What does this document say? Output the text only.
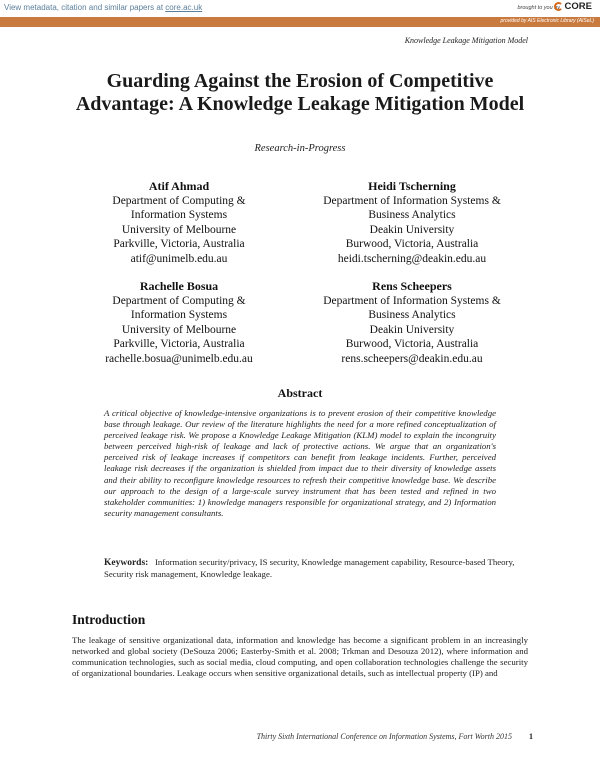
View metadata, citation and similar papers at core.ac.uk	brought to you by CORE
provided by AIS Electronic Library (AISeL)
Knowledge Leakage Mitigation Model
Guarding Against the Erosion of Competitive Advantage: A Knowledge Leakage Mitigation Model
Research-in-Progress
Atif Ahmad
Department of Computing &
Information Systems
University of Melbourne
Parkville, Victoria, Australia
atif@unimelb.edu.au
Heidi Tscherning
Department of Information Systems &
Business Analytics
Deakin University
Burwood, Victoria, Australia
heidi.tscherning@deakin.edu.au
Rachelle Bosua
Department of Computing &
Information Systems
University of Melbourne
Parkville, Victoria, Australia
rachelle.bosua@unimelb.edu.au
Rens Scheepers
Department of Information Systems &
Business Analytics
Deakin University
Burwood, Victoria, Australia
rens.scheepers@deakin.edu.au
Abstract

A critical objective of knowledge-intensive organizations is to prevent erosion of their competitive knowledge base through leakage. Our review of the literature highlights the need for a more refined conceptualization of perceived leakage risk. We propose a Knowledge Leakage Mitigation (KLM) model to explain the incongruity between perceived high-risk of leakage and lack of protective actions. We argue that an organization's perceived risk of leakage increases if competitors can benefit from leakage incidents. Further, perceived leakage risk decreases if the organization is shielded from impact due to their diversity of knowledge assets and their ability to reconfigure knowledge resources to refresh their competitive knowledge base. We describe our approach to the design of a large-scale survey instrument that has been tested and refined in two stakeholder communities: 1) knowledge managers responsible for organizational strategy, and 2) Information security management consultants.

Keywords: Information security/privacy, IS security, Knowledge management capability, Resource-based Theory, Security risk management, Knowledge leakage.

Introduction

The leakage of sensitive organizational data, information and knowledge has become a significant problem in an increasingly networked and global society (DeSouza 2006; Easterby-Smith et al. 2008; Trkman and Desouza 2012), where information and communication technologies, such as social media, cloud computing, and open collaboration technologies challenge the security of organizational boundaries. Leakage occurs when sensitive organizational details, such as intellectual property (IP) and

Thirty Sixth International Conference on Information Systems, Fort Worth 2015 1
